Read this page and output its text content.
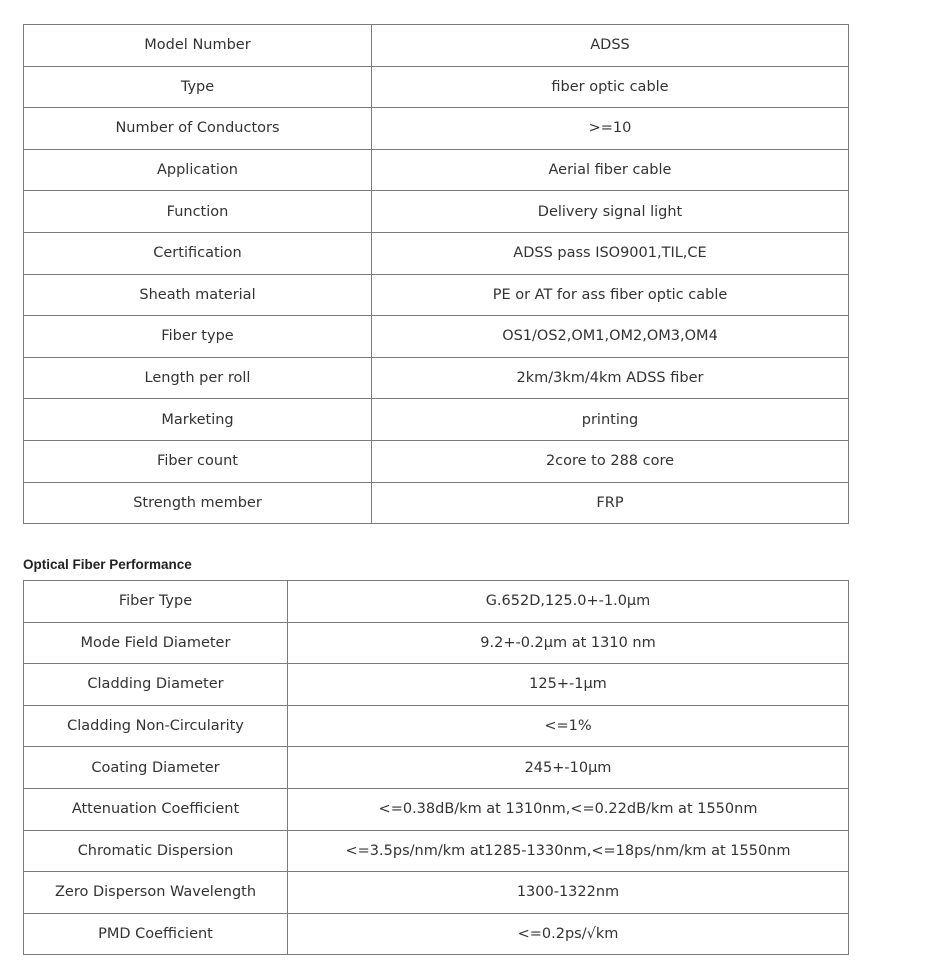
Model Number	ADSS
Type	fiber optic cable
Number of Conductors	>=10
Application	Aerial fiber cable
Function	Delivery signal light
Certification	ADSS pass ISO9001,TIL,CE
Sheath material	PE or AT for ass fiber optic cable
Fiber type	OS1/OS2,OM1,OM2,OM3,OM4
Length per roll	2km/3km/4km ADSS fiber
Marketing	printing
Fiber count	2core to 288 core
Strength member	FRP
Optical Fiber Performance
Fiber Type	G.652D,125.0+-1.0μm
Mode Field Diameter	9.2+-0.2μm at 1310 nm
Cladding Diameter	125+-1μm
Cladding Non-Circularity	<=1%
Coating Diameter	245+-10μm
Attenuation Coefficient	<=0.38dB/km at 1310nm,<=0.22dB/km at 1550nm
Chromatic Dispersion	<=3.5ps/nm/km at1285-1330nm,<=18ps/nm/km at 1550nm
Zero Disperson Wavelength	1300-1322nm
PMD Coefficient	<=0.2ps/√km
